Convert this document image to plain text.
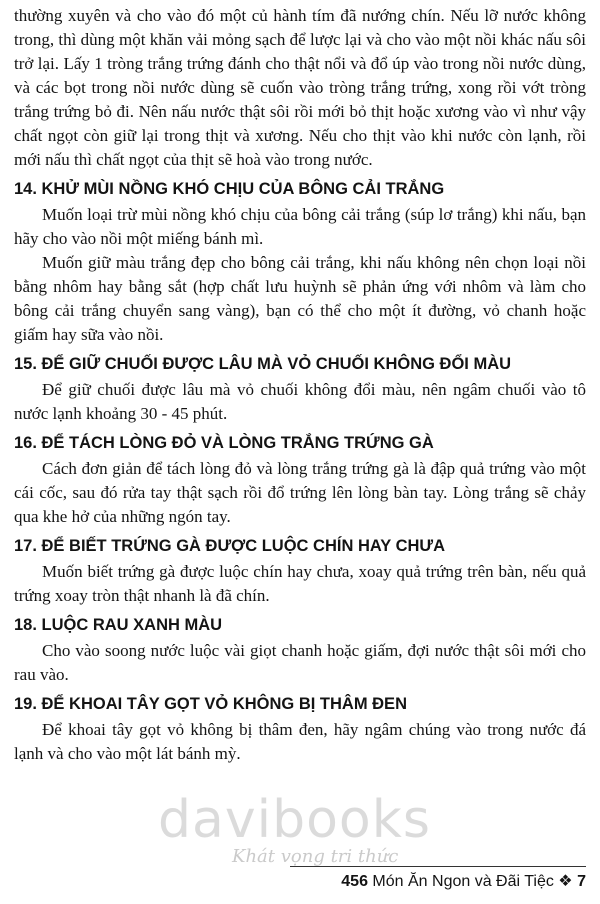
thường xuyên và cho vào đó một củ hành tím đã nướng chín. Nếu lỡ nước không trong, thì dùng một khăn vải mỏng sạch để lược lại và cho vào một nồi khác nấu sôi trở lại. Lấy 1 tròng trắng trứng đánh cho thật nổi và đổ úp vào trong nồi nước dùng, và các bọt trong nồi nước dùng sẽ cuốn vào tròng trắng trứng, xong rồi vớt tròng trắng trứng bỏ đi. Nên nấu nước thật sôi rồi mới bỏ thịt hoặc xương vào vì như vậy chất ngọt còn giữ lại trong thịt và xương. Nếu cho thịt vào khi nước còn lạnh, rồi mới nấu thì chất ngọt của thịt sẽ hoà vào trong nước.

14. KHỬ MÙI NỒNG KHÓ CHỊU CỦA BÔNG CẢI TRẮNG

Muốn loại trừ mùi nồng khó chịu của bông cải trắng (súp lơ trắng) khi nấu, bạn hãy cho vào nồi một miếng bánh mì.

Muốn giữ màu trắng đẹp cho bông cải trắng, khi nấu không nên chọn loại nồi bằng nhôm hay bằng sắt (hợp chất lưu huỳnh sẽ phản ứng với nhôm và làm cho bông cải trắng chuyển sang vàng), bạn có thể cho một ít đường, vỏ chanh hoặc giấm hay sữa vào nồi.

15. ĐỂ GIỮ CHUỐI ĐƯỢC LÂU MÀ VỎ CHUỐI KHÔNG ĐỔI MÀU

Để giữ chuối được lâu mà vỏ chuối không đổi màu, nên ngâm chuối vào tô nước lạnh khoảng 30 - 45 phút.

16. ĐỂ TÁCH LÒNG ĐỎ VÀ LÒNG TRẮNG TRỨNG GÀ

Cách đơn giản để tách lòng đỏ và lòng trắng trứng gà là đập quả trứng vào một cái cốc, sau đó rửa tay thật sạch rồi đổ trứng lên lòng bàn tay. Lòng trắng sẽ chảy qua khe hở của những ngón tay.

17. ĐỂ BIẾT TRỨNG GÀ ĐƯỢC LUỘC CHÍN HAY CHƯA

Muốn biết trứng gà được luộc chín hay chưa, xoay quả trứng trên bàn, nếu quả trứng xoay tròn thật nhanh là đã chín.

18. LUỘC RAU XANH MÀU

Cho vào soong nước luộc vài giọt chanh hoặc giấm, đợi nước thật sôi mới cho rau vào.

19. ĐỂ KHOAI TÂY GỌT VỎ KHÔNG BỊ THÂM ĐEN

Để khoai tây gọt vỏ không bị thâm đen, hãy ngâm chúng vào trong nước đá lạnh và cho vào một lát bánh mỳ.

davibooks
Khát vọng tri thức
456 Món Ăn Ngon và Đãi Tiệc ❖ 7
